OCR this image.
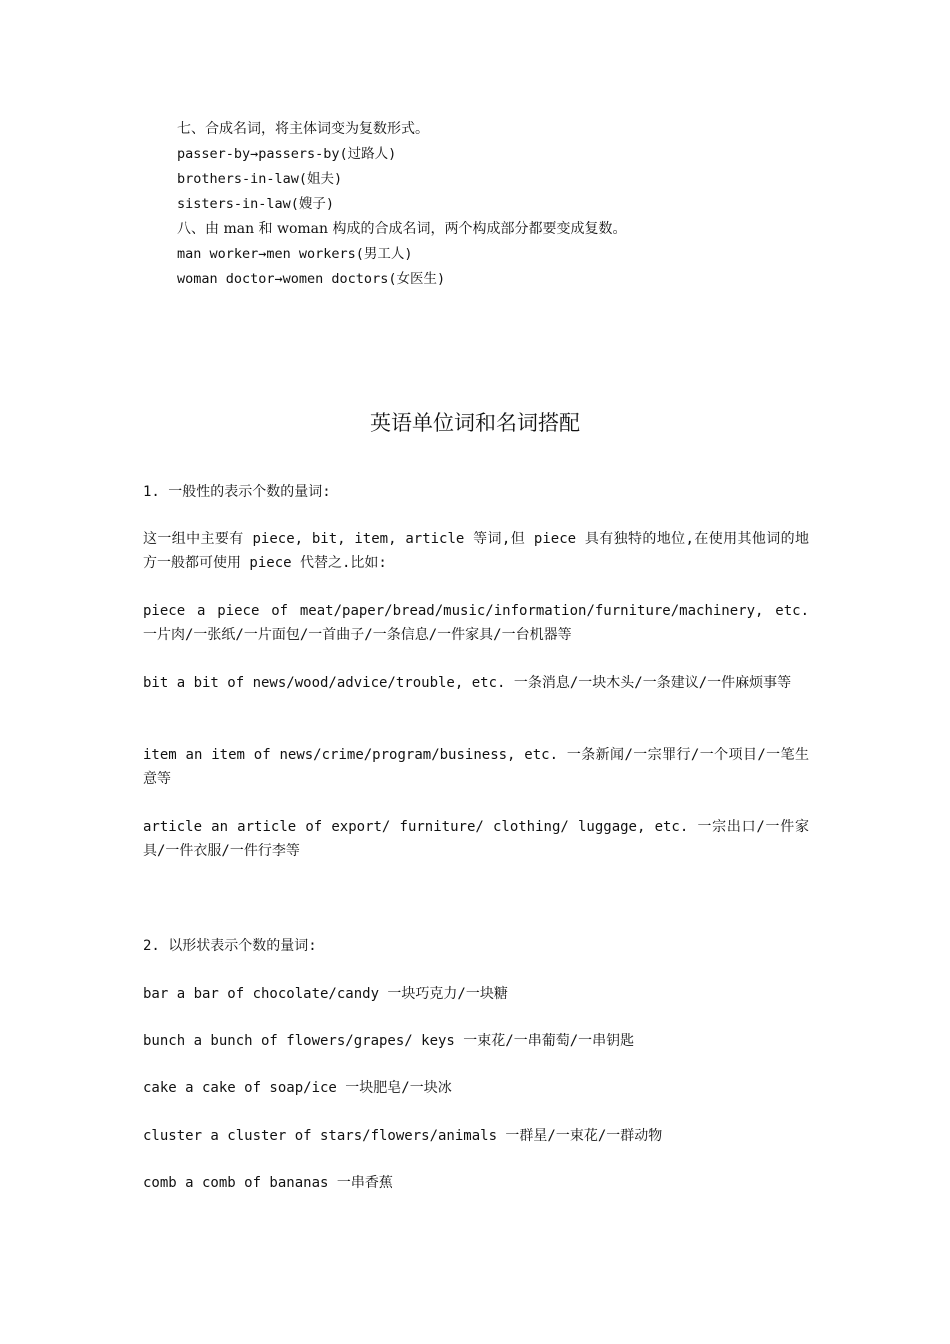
七、合成名词，将主体词变为复数形式。
passer-by→passers-by(过路人)
brothers-in-law(姐夫)
sisters-in-law(嫂子)
八、由 man 和 woman 构成的合成名词，两个构成部分都要变成复数。
man worker→men workers(男工人)
woman doctor→women doctors(女医生)
英语单位词和名词搭配
1. 一般性的表示个数的量词:
这一组中主要有 piece, bit, item, article 等词,但 piece 具有独特的地位,在使用其他词的地方一般都可使用 piece 代替之.比如:
piece a piece of meat/paper/bread/music/information/furniture/machinery, etc. 一片肉/一张纸/一片面包/一首曲子/一条信息/一件家具/一台机器等
bit a bit of news/wood/advice/trouble, etc. 一条消息/一块木头/一条建议/一件麻烦事等
item an item of news/crime/program/business, etc. 一条新闻/一宗罪行/一个项目/一笔生意等
article an article of export/ furniture/ clothing/ luggage, etc. 一宗出口/一件家具/一件衣服/一件行李等
2. 以形状表示个数的量词:
bar a bar of chocolate/candy 一块巧克力/一块糖
bunch a bunch of flowers/grapes/ keys 一束花/一串葡萄/一串钥匙
cake a cake of soap/ice 一块肥皂/一块冰
cluster a cluster of stars/flowers/animals 一群星/一束花/一群动物
comb a comb of bananas 一串香蕉
